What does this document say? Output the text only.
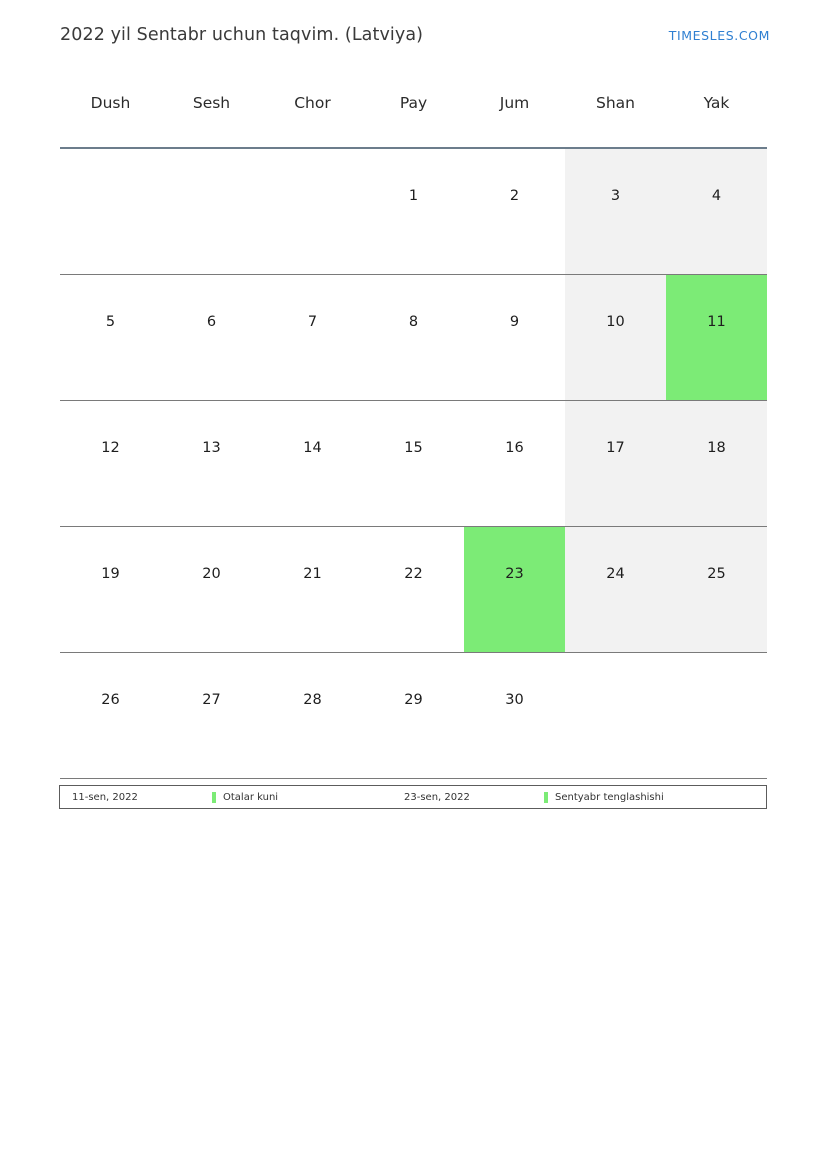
2022 yil Sentabr uchun taqvim. (Latviya)	TIMESLES.COM
Dush	Sesh	Chor	Pay	Jum	Shan	Yak

			1	2	3	4

5	6	7	8	9	10	11

12	13	14	15	16	17	18

19	20	21	22	23	24	25

26	27	28	29	30		

11-sen, 2022	Otalar kuni	23-sen, 2022	Sentyabr tenglashishi
